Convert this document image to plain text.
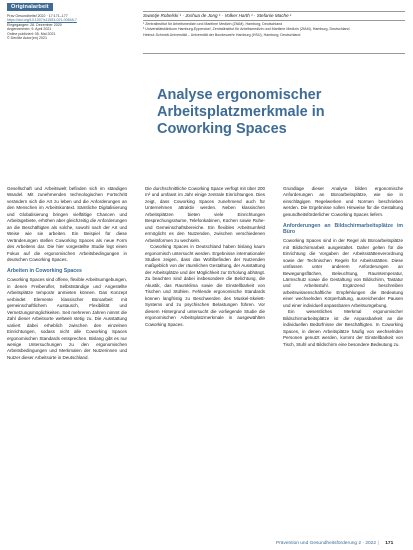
Originalarbeit
Prav Gesundheitsf 2022 · 17:171–177
https://doi.org/10.1007/s11553-021-00848-7
Eingegangen: 28. Dezember 2020
Angenommen: 9. April 2021
Online publiziert: 05. Mai 2021
© Der/die Autor(en) 2021
Swantje Robelski ¹ · Joshua de Jong ¹ · Volker Harth ¹ · Stefanie Mache ¹
¹ Zentralinstitut für Arbeitsmedizin und Maritime Medizin (ZfAM), Hamburg, Deutschland
² Universitätsklinikum Hamburg-Eppendorf, Zentralinstitut für Arbeitsmedizin und Maritime Medizin (ZfAM), Hamburg, Deutschland
Helmut-Schmidt-Universität – Universität der Bundeswehr Hamburg (HSU), Hamburg, Deutschland
Analyse ergonomischer Arbeitsplatzmerkmale in Coworking Spaces

Gesellschaft und Arbeitswelt befinden sich im ständigen Wandel. Mit zunehmenden technologischen Fortschritt verändern sich die Art zu leben und die Anforderungen an den Menschen im Arbeitskontext. Sämtliche Digitalisierung und Globalisierung bringen vielfältige Chancen und Arbeitsgebiete, erhöhen aber gleichzeitig die Anforderungen an die Beschäftigten als solche, sowohl nach der Art und Weise wie sie arbeiten. Ein Beispiel für diese Veränderungen stellen Coworking Spaces als neue Form des Arbeitens dar. Die hier vorgestellte Studie legt einen Fokus auf die ergonomischen Arbeitsbedingungen in deutschen Coworking Spaces.

Arbeiten in Coworking Spaces

Coworking Spaces sind offene, flexible Arbeitsumgebungen, in denen Freiberufler, Selbstständige und Angestellte Arbeitsplätze temporär anmieten können. Das Konzept verbindet Elemente klassischer Büroarbeit mit gemeinschaftlichem Austausch, Flexibilität und Vernetzungsmöglichkeiten. Seit mehreren Jahren nimmt die Zahl dieser Arbeitsorte weltweit stetig zu. Die Ausstattung variiert dabei erheblich zwischen den einzelnen Einrichtungen, sodass nicht alle Coworking Spaces ergonomischen Standards entsprechen. Bislang gibt es nur wenige Untersuchungen zu den ergonomischen Arbeitsbedingungen und Merkmalen der Nutzerinnen und Nutzer dieser Arbeitsorte in Deutschland.

Die durchschnittliche Coworking Space verfügt mit über 200 m² und umfasst im Jahr einige zentrale Einrichtungen. Dies zeigt, dass Coworking Spaces zunehmend auch für Unternehmen attraktiv werden. Neben klassischen Arbeitsplätzen bieten viele Einrichtungen Besprechungsräume, Telefonkabinen, Küchen sowie Ruhe- und Gemeinschaftsbereiche. Ein flexibles Arbeitsumfeld ermöglicht es den Nutzenden, zwischen verschiedenen Arbeitsformen zu wechseln.

Coworking Spaces in Deutschland haben bislang kaum ergonomisch untersucht werden. Ergebnisse internationaler Studien zeigen, dass das Wohlbefinden der Nutzenden maßgeblich von der räumlichen Gestaltung, der Ausstattung der Arbeitsplätze und der Möglichkeit zur Erholung abhängt. Zu beachten sind dabei insbesondere die Belichtung, die Akustik, das Raumklima sowie die Einstellbarkeit von Tischen und Stühlen. Fehlende ergonomische Standards können langfristig zu Beschwerden des Muskel-Skelett-Systems und zu psychischen Belastungen führen. Vor diesem Hintergrund untersucht die vorliegende Studie die ergonomischen Arbeitsplatzmerkmale in ausgewählten Coworking Spaces.

Grundlage dieser Analyse bilden ergonomische Anforderungen an Büroarbeitsplätze, wie sie in einschlägigen Regelwerken und Normen beschrieben werden. Die Ergebnisse sollen Hinweise für die Gestaltung gesundheitsförderlicher Coworking Spaces liefern.

Anforderungen an Bildschirmarbeitsplätze im Büro

Coworking Spaces sind in der Regel als Büroarbeitsplätze mit Bildschirmarbeit ausgestaltet. Daher gelten für die Einrichtung die Vorgaben der Arbeitsstättenverordnung sowie der Technischen Regeln für Arbeitsstätten. Diese umfassen unter anderem Anforderungen an Bewegungsflächen, Beleuchtung, Raumtemperatur, Lärmschutz sowie die Gestaltung von Bildschirm, Tastatur und Arbeitsstuhl. Ergänzend beschreiben arbeitswissenschaftliche Empfehlungen die Bedeutung einer wechselnden Körperhaltung, ausreichender Pausen und einer individuell anpassbaren Arbeitsumgebung.

Ein wesentliches Merkmal ergonomischer Bildschirmarbeitsplätze ist die Anpassbarkeit an die individuellen Bedürfnisse der Beschäftigten. In Coworking Spaces, in denen Arbeitsplätze häufig von wechselnden Personen genutzt werden, kommt der Einstellbarkeit von Tisch, Stuhl und Bildschirm eine besondere Bedeutung zu.

Prävention und Gesundheitsförderung 2 · 2022 | 171
